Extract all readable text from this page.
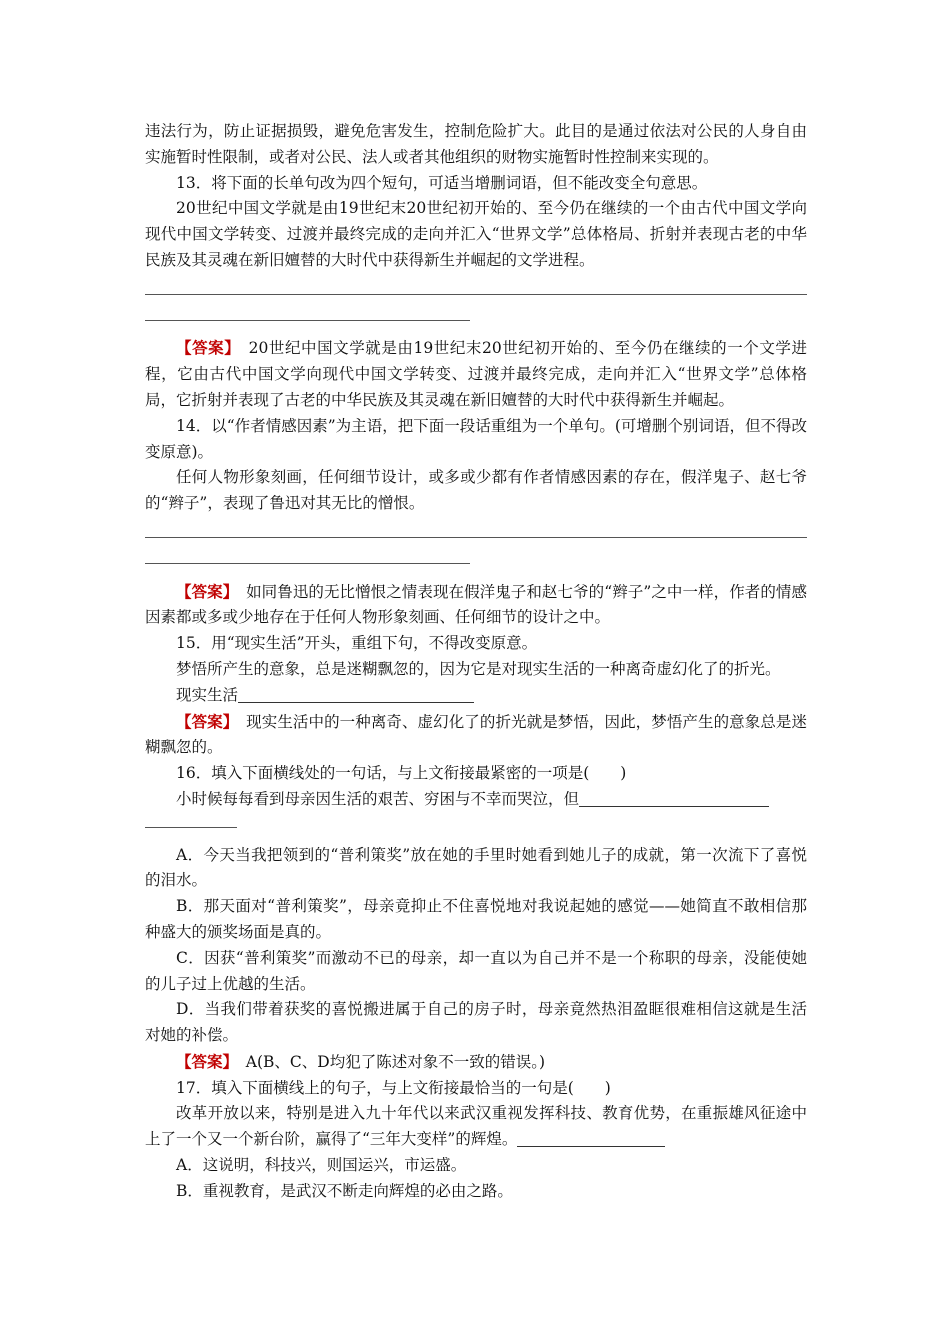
违法行为，防止证据损毁，避免危害发生，控制危险扩大。此目的是通过依法对公民的人身自由实施暂时性限制，或者对公民、法人或者其他组织的财物实施暂时性控制来实现的。

13．将下面的长单句改为四个短句，可适当增删词语，但不能改变全句意思。

20世纪中国文学就是由19世纪末20世纪初开始的、至今仍在继续的一个由古代中国文学向现代中国文学转变、过渡并最终完成的走向并汇入“世界文学”总体格局、折射并表现古老的中华民族及其灵魂在新旧嬗替的大时代中获得新生并崛起的文学进程。

【答案】　 20世纪中国文学就是由19世纪末20世纪初开始的、至今仍在继续的一个文学进程，它由古代中国文学向现代中国文学转变、过渡并最终完成，走向并汇入“世界文学”总体格局，它折射并表现了古老的中华民族及其灵魂在新旧嬗替的大时代中获得新生并崛起。

14．以“作者情感因素”为主语，把下面一段话重组为一个单句。(可增删个别词语，但不得改变原意)。

任何人物形象刻画，任何细节设计，或多或少都有作者情感因素的存在，假洋鬼子、赵七爷的“辫子”，表现了鲁迅对其无比的憎恨。

【答案】　 如同鲁迅的无比憎恨之情表现在假洋鬼子和赵七爷的“辫子”之中一样，作者的情感因素都或多或少地存在于任何人物形象刻画、任何细节的设计之中。

15．用“现实生活”开头，重组下句，不得改变原意。

梦悟所产生的意象，总是迷糊飘忽的，因为它是对现实生活的一种离奇虚幻化了的折光。

现实生活

【答案】　 现实生活中的一种离奇、虚幻化了的折光就是梦悟，因此，梦悟产生的意象总是迷糊飘忽的。

16．填入下面横线处的一句话，与上文衔接最紧密的一项是(　　)

小时候每每看到母亲因生活的艰苦、穷困与不幸而哭泣，但

A．今天当我把领到的“普利策奖”放在她的手里时她看到她儿子的成就，第一次流下了喜悦的泪水。

B．那天面对“普利策奖”，母亲竟抑止不住喜悦地对我说起她的感觉——她简直不敢相信那种盛大的颁奖场面是真的。

C．因获“普利策奖”而激动不已的母亲，却一直以为自己并不是一个称职的母亲，没能使她的儿子过上优越的生活。

D．当我们带着获奖的喜悦搬进属于自己的房子时，母亲竟然热泪盈眶很难相信这就是生活对她的补偿。

【答案】　 A(B、C、D均犯了陈述对象不一致的错误。)

17．填入下面横线上的句子，与上文衔接最恰当的一句是(　　)

改革开放以来，特别是进入九十年代以来武汉重视发挥科技、教育优势，在重振雄风征途中上了一个又一个新台阶，赢得了“三年大变样”的辉煌。

A．这说明，科技兴，则国运兴，市运盛。

B．重视教育，是武汉不断走向辉煌的必由之路。
